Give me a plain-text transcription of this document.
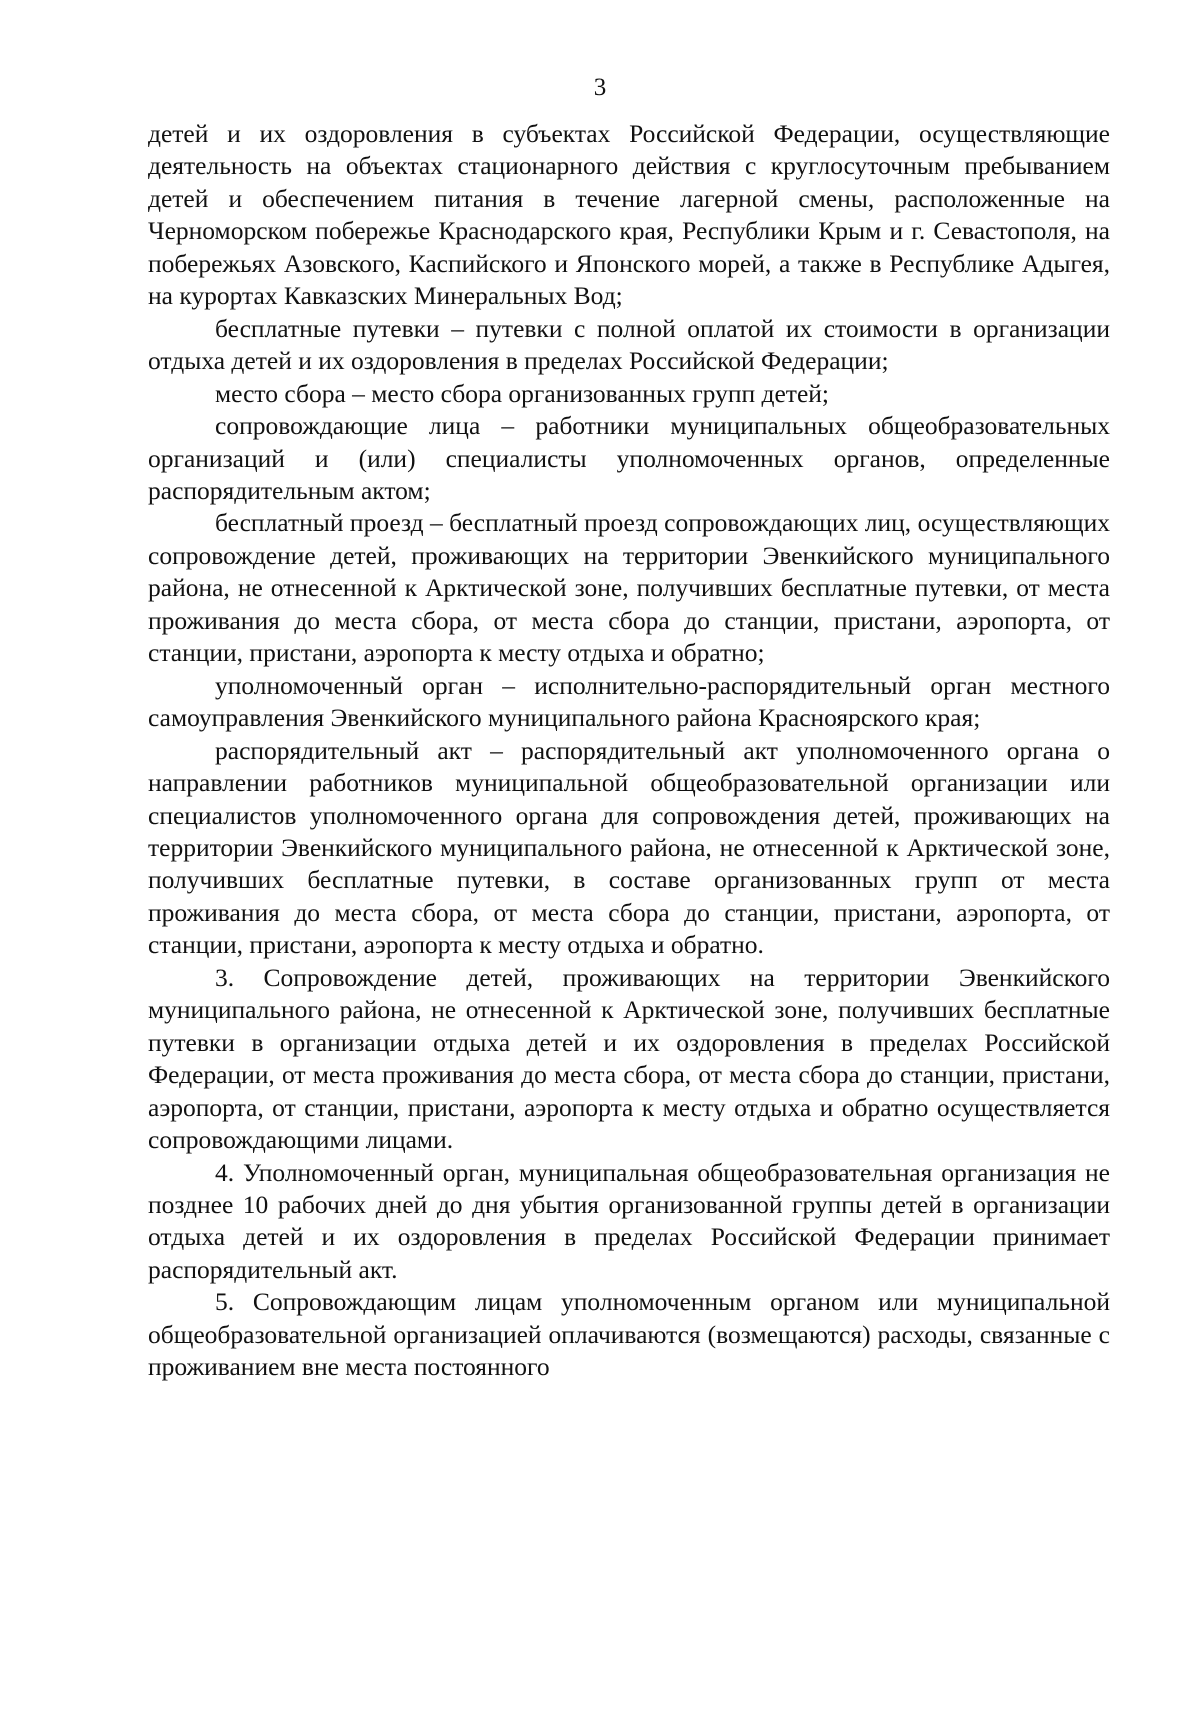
3

детей и их оздоровления в субъектах Российской Федерации, осуществляющие деятельность на объектах стационарного действия с круглосуточным пребыванием детей и обеспечением питания в течение лагерной смены, расположенные на Черноморском побережье Краснодарского края, Республики Крым и г. Севастополя, на побережьях Азовского, Каспийского и Японского морей, а также в Республике Адыгея, на курортах Кавказских Минеральных Вод;

бесплатные путевки – путевки с полной оплатой их стоимости в организации отдыха детей и их оздоровления в пределах Российской Федерации;

место сбора – место сбора организованных групп детей;

сопровождающие лица – работники муниципальных общеобразовательных организаций и (или) специалисты уполномоченных органов, определенные распорядительным актом;

бесплатный проезд – бесплатный проезд сопровождающих лиц, осуществляющих сопровождение детей, проживающих на территории Эвенкийского муниципального района, не отнесенной к Арктической зоне, получивших бесплатные путевки, от места проживания до места сбора, от места сбора до станции, пристани, аэропорта, от станции, пристани, аэропорта к месту отдыха и обратно;

уполномоченный орган – исполнительно-распорядительный орган местного самоуправления Эвенкийского муниципального района Красноярского края;

распорядительный акт – распорядительный акт уполномоченного органа о направлении работников муниципальной общеобразовательной организации или специалистов уполномоченного органа для сопровождения детей, проживающих на территории Эвенкийского муниципального района, не отнесенной к Арктической зоне, получивших бесплатные путевки, в составе организованных групп от места проживания до места сбора, от места сбора до станции, пристани, аэропорта, от станции, пристани, аэропорта к месту отдыха и обратно.

3. Сопровождение детей, проживающих на территории Эвенкийского муниципального района, не отнесенной к Арктической зоне, получивших бесплатные путевки в организации отдыха детей и их оздоровления в пределах Российской Федерации, от места проживания до места сбора, от места сбора до станции, пристани, аэропорта, от станции, пристани, аэропорта к месту отдыха и обратно осуществляется сопровождающими лицами.

4. Уполномоченный орган, муниципальная общеобразовательная организация не позднее 10 рабочих дней до дня убытия организованной группы детей в организации отдыха детей и их оздоровления в пределах Российской Федерации принимает распорядительный акт.

5. Сопровождающим лицам уполномоченным органом или муниципальной общеобразовательной организацией оплачиваются (возмещаются) расходы, связанные с проживанием вне места постоянного
